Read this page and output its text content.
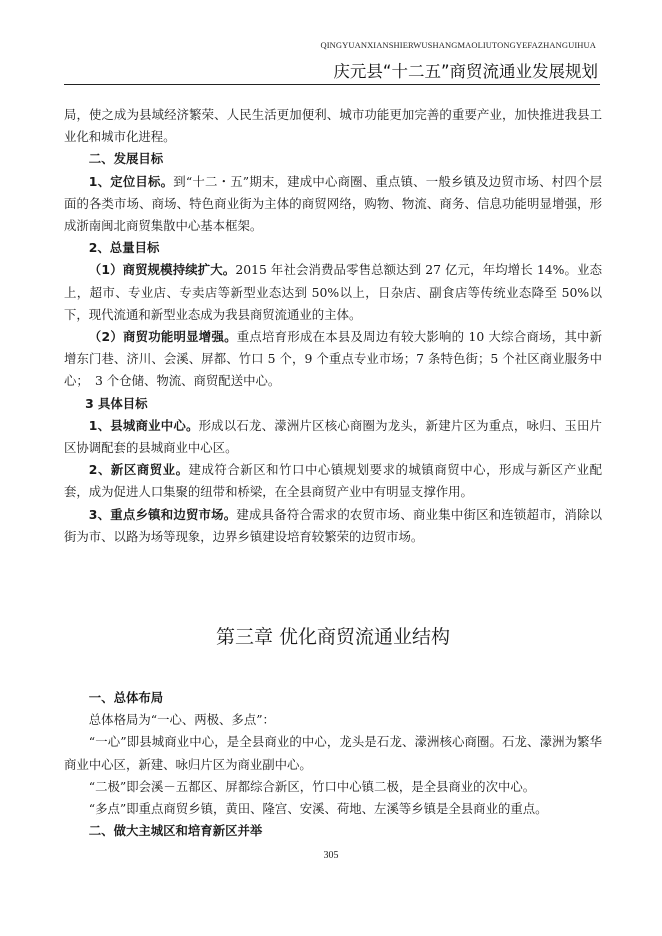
QINGYUANXIANSHIERWUSHANGMAOLIUTONGYEFAZHANGUIHUA
庆元县“十二五”商贸流通业发展规划

局，使之成为县域经济繁荣、人民生活更加便利、城市功能更加完善的重要产业，加快推进我县工业化和城市化进程。

二、发展目标

1、定位目标。到“十二・五”期末，建成中心商圈、重点镇、一般乡镇及边贸市场、村四个层面的各类市场、商场、特色商业街为主体的商贸网络，购物、物流、商务、信息功能明显增强，形成浙南闽北商贸集散中心基本框架。

2、总量目标

（1）商贸规模持续扩大。2015 年社会消费品零售总额达到 27 亿元，年均增长 14%。业态上，超市、专业店、专卖店等新型业态达到 50%以上，日杂店、副食店等传统业态降至 50%以下，现代流通和新型业态成为我县商贸流通业的主体。

（2）商贸功能明显增强。重点培育形成在本县及周边有较大影响的 10 大综合商场，其中新增东门巷、济川、会溪、屏都、竹口 5 个，9 个重点专业市场；7 条特色街；5 个社区商业服务中心；　3 个仓储、物流、商贸配送中心。

3 具体目标

1、县城商业中心。形成以石龙、濛洲片区核心商圈为龙头，新建片区为重点，咏归、玉田片区协调配套的县城商业中心区。

2、新区商贸业。建成符合新区和竹口中心镇规划要求的城镇商贸中心，形成与新区产业配套，成为促进人口集聚的纽带和桥梁，在全县商贸产业中有明显支撑作用。

3、重点乡镇和边贸市场。建成具备符合需求的农贸市场、商业集中街区和连锁超市，消除以街为市、以路为场等现象，边界乡镇建设培育较繁荣的边贸市场。

第三章 优化商贸流通业结构

一、总体布局

总体格局为“一心、两极、多点”：

“一心”即县城商业中心，是全县商业的中心，龙头是石龙、濛洲核心商圈。石龙、濛洲为繁华商业中心区，新建、咏归片区为商业副中心。

“二极”即会溪－五都区、屏都综合新区，竹口中心镇二极，是全县商业的次中心。

“多点”即重点商贸乡镇，黄田、隆宫、安溪、荷地、左溪等乡镇是全县商业的重点。

二、做大主城区和培育新区并举

305
